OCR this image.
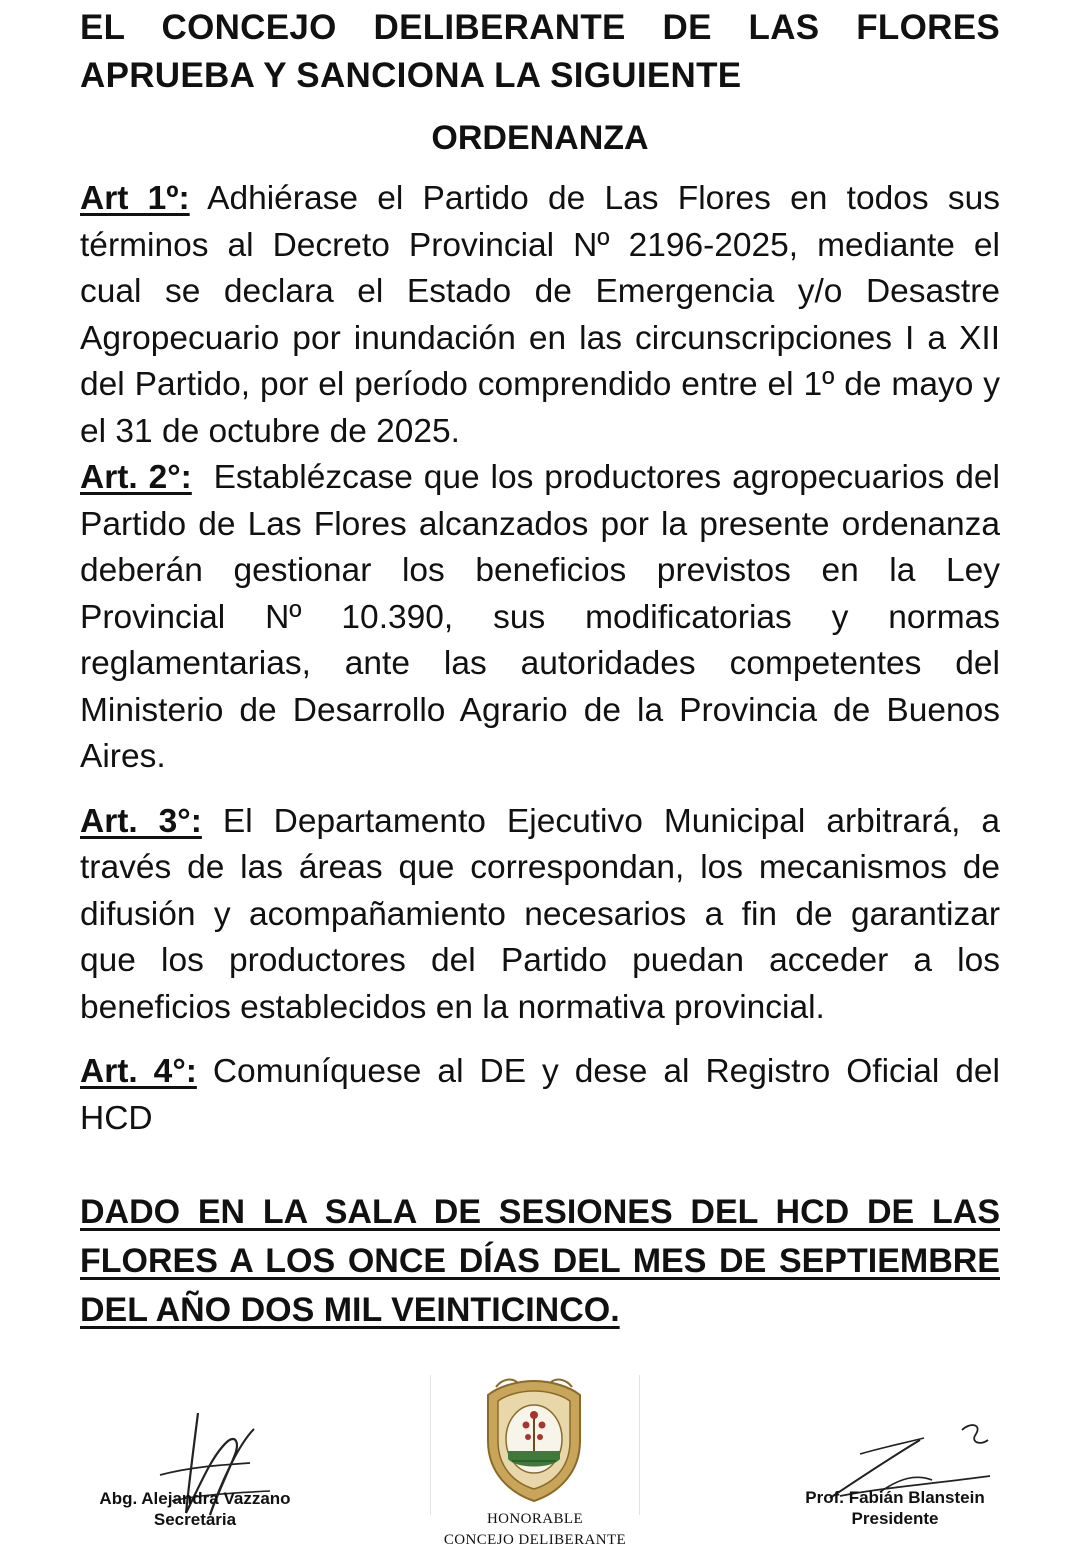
EL CONCEJO DELIBERANTE DE LAS FLORES
APRUEBA Y SANCIONA LA SIGUIENTE
ORDENANZA

Art 1º: Adhiérase el Partido de Las Flores en todos sus términos al Decreto Provincial Nº 2196-2025, mediante el cual se declara el Estado de Emergencia y/o Desastre Agropecuario por inundación en las circunscripciones I a XII del Partido, por el período comprendido entre el 1º de mayo y el 31 de octubre de 2025.

Art. 2°:  Establézcase que los productores agropecuarios del Partido de Las Flores alcanzados por la presente ordenanza deberán gestionar los beneficios previstos en la Ley Provincial Nº 10.390, sus modificatorias y normas reglamentarias, ante las autoridades competentes del Ministerio de Desarrollo Agrario de la Provincia de Buenos Aires.

Art. 3°: El Departamento Ejecutivo Municipal arbitrará, a través de las áreas que correspondan, los mecanismos de difusión y acompañamiento necesarios a fin de garantizar que los productores del Partido puedan acceder a los beneficios establecidos en la normativa provincial.

Art. 4°: Comuníquese al DE y dese al Registro Oficial del HCD

DADO EN LA SALA DE SESIONES DEL HCD DE LAS FLORES A LOS ONCE DÍAS DEL MES DE SEPTIEMBRE DEL AÑO DOS MIL VEINTICINCO.
Abg. Alejandra Vazzano
Secretaria	HONORABLE
CONCEJO DELIBERANTE
Prof. Fabián Blanstein
Presidente
